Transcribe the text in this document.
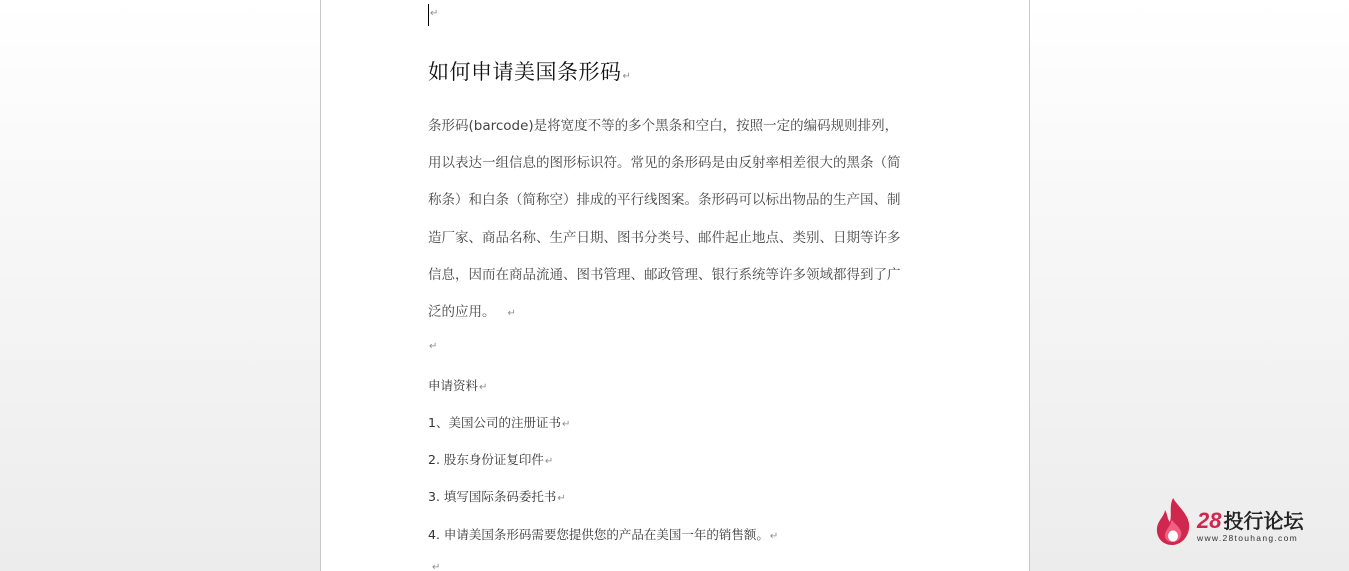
↵
如何申请美国条形码↵
条形码(barcode)是将宽度不等的多个黑条和空白，按照一定的编码规则排列，
用以表达一组信息的图形标识符。常见的条形码是由反射率相差很大的黑条（简
称条）和白条（简称空）排成的平行线图案。条形码可以标出物品的生产国、制
造厂家、商品名称、生产日期、图书分类号、邮件起止地点、类别、日期等许多
信息，因而在商品流通、图书管理、邮政管理、银行系统等许多领域都得到了广
泛的应用。 ↵
↵
申请资料↵
1、美国公司的注册证书↵
2. 股东身份证复印件↵
3. 填写国际条码委托书↵
4. 申请美国条形码需要您提供您的产品在美国一年的销售额。↵
↵
28 投行论坛
www.28touhang.com
